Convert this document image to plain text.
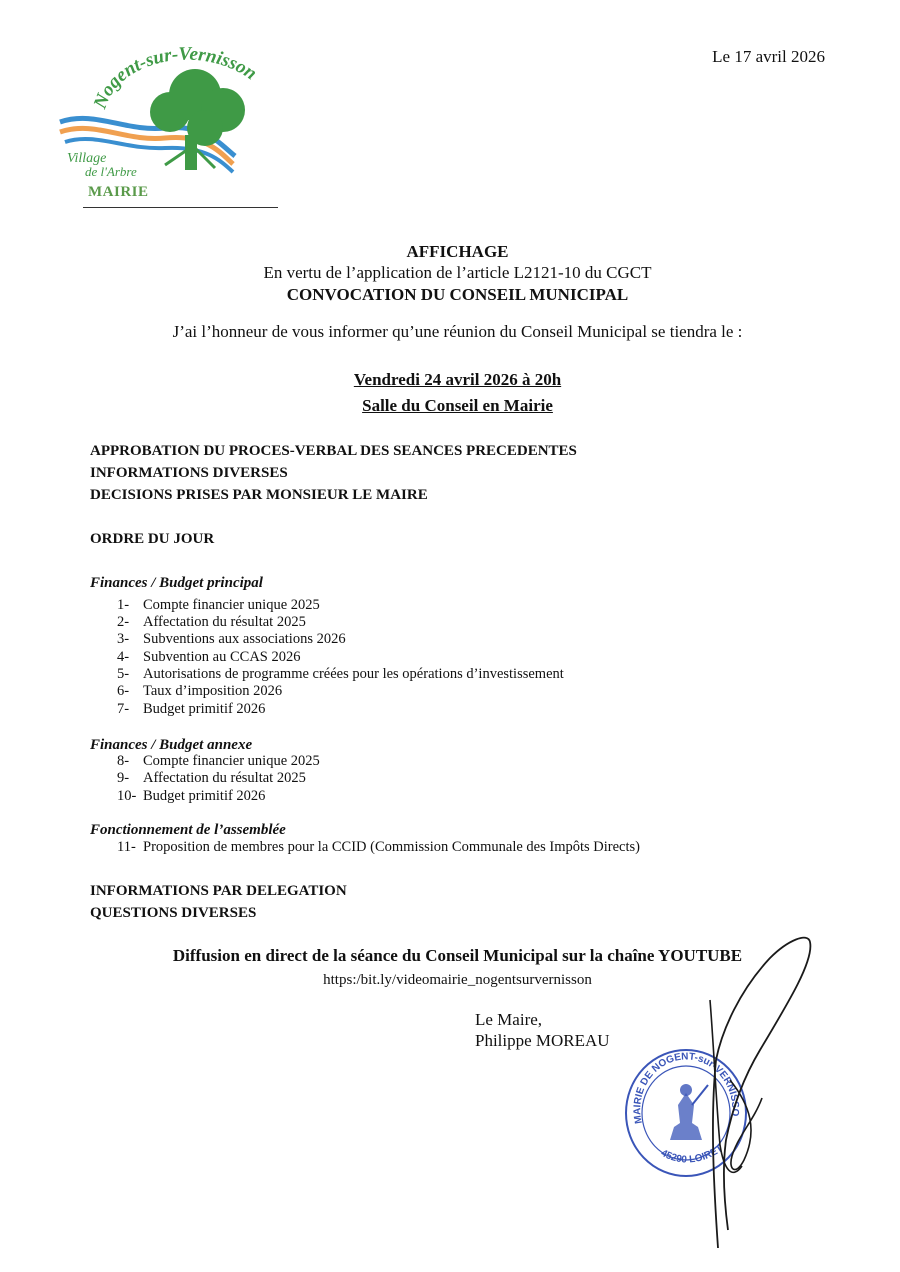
Nogent-sur-Vernisson
Village
de l'Arbre
MAIRIE
Le 17 avril 2026
AFFICHAGE
En vertu de l’application de l’article L2121-10 du CGCT
CONVOCATION DU CONSEIL MUNICIPAL
J’ai l’honneur de vous informer qu’une réunion du Conseil Municipal se tiendra le :
Vendredi 24 avril 2026 à 20h
Salle du Conseil en Mairie
APPROBATION DU PROCES-VERBAL DES SEANCES PRECEDENTES
INFORMATIONS DIVERSES
DECISIONS PRISES PAR MONSIEUR LE MAIRE
ORDRE DU JOUR
Finances / Budget principal
1- Compte financier unique 2025
2- Affectation du résultat 2025
3- Subventions aux associations 2026
4- Subvention au CCAS 2026
5- Autorisations de programme créées pour les opérations d’investissement
6- Taux d’imposition 2026
7- Budget primitif 2026
Finances / Budget annexe
8- Compte financier unique 2025
9- Affectation du résultat 2025
10- Budget primitif 2026
Fonctionnement de l’assemblée
11- Proposition de membres pour la CCID (Commission Communale des Impôts Directs)
INFORMATIONS PAR DELEGATION
QUESTIONS DIVERSES
Diffusion en direct de la séance du Conseil Municipal sur la chaîne YOUTUBE
https:/bit.ly/videomairie_nogentsurvernisson
Le Maire,
Philippe MOREAU
MAIRIE DE NOGENT-sur-VERNISSO
45290 LOIRET
